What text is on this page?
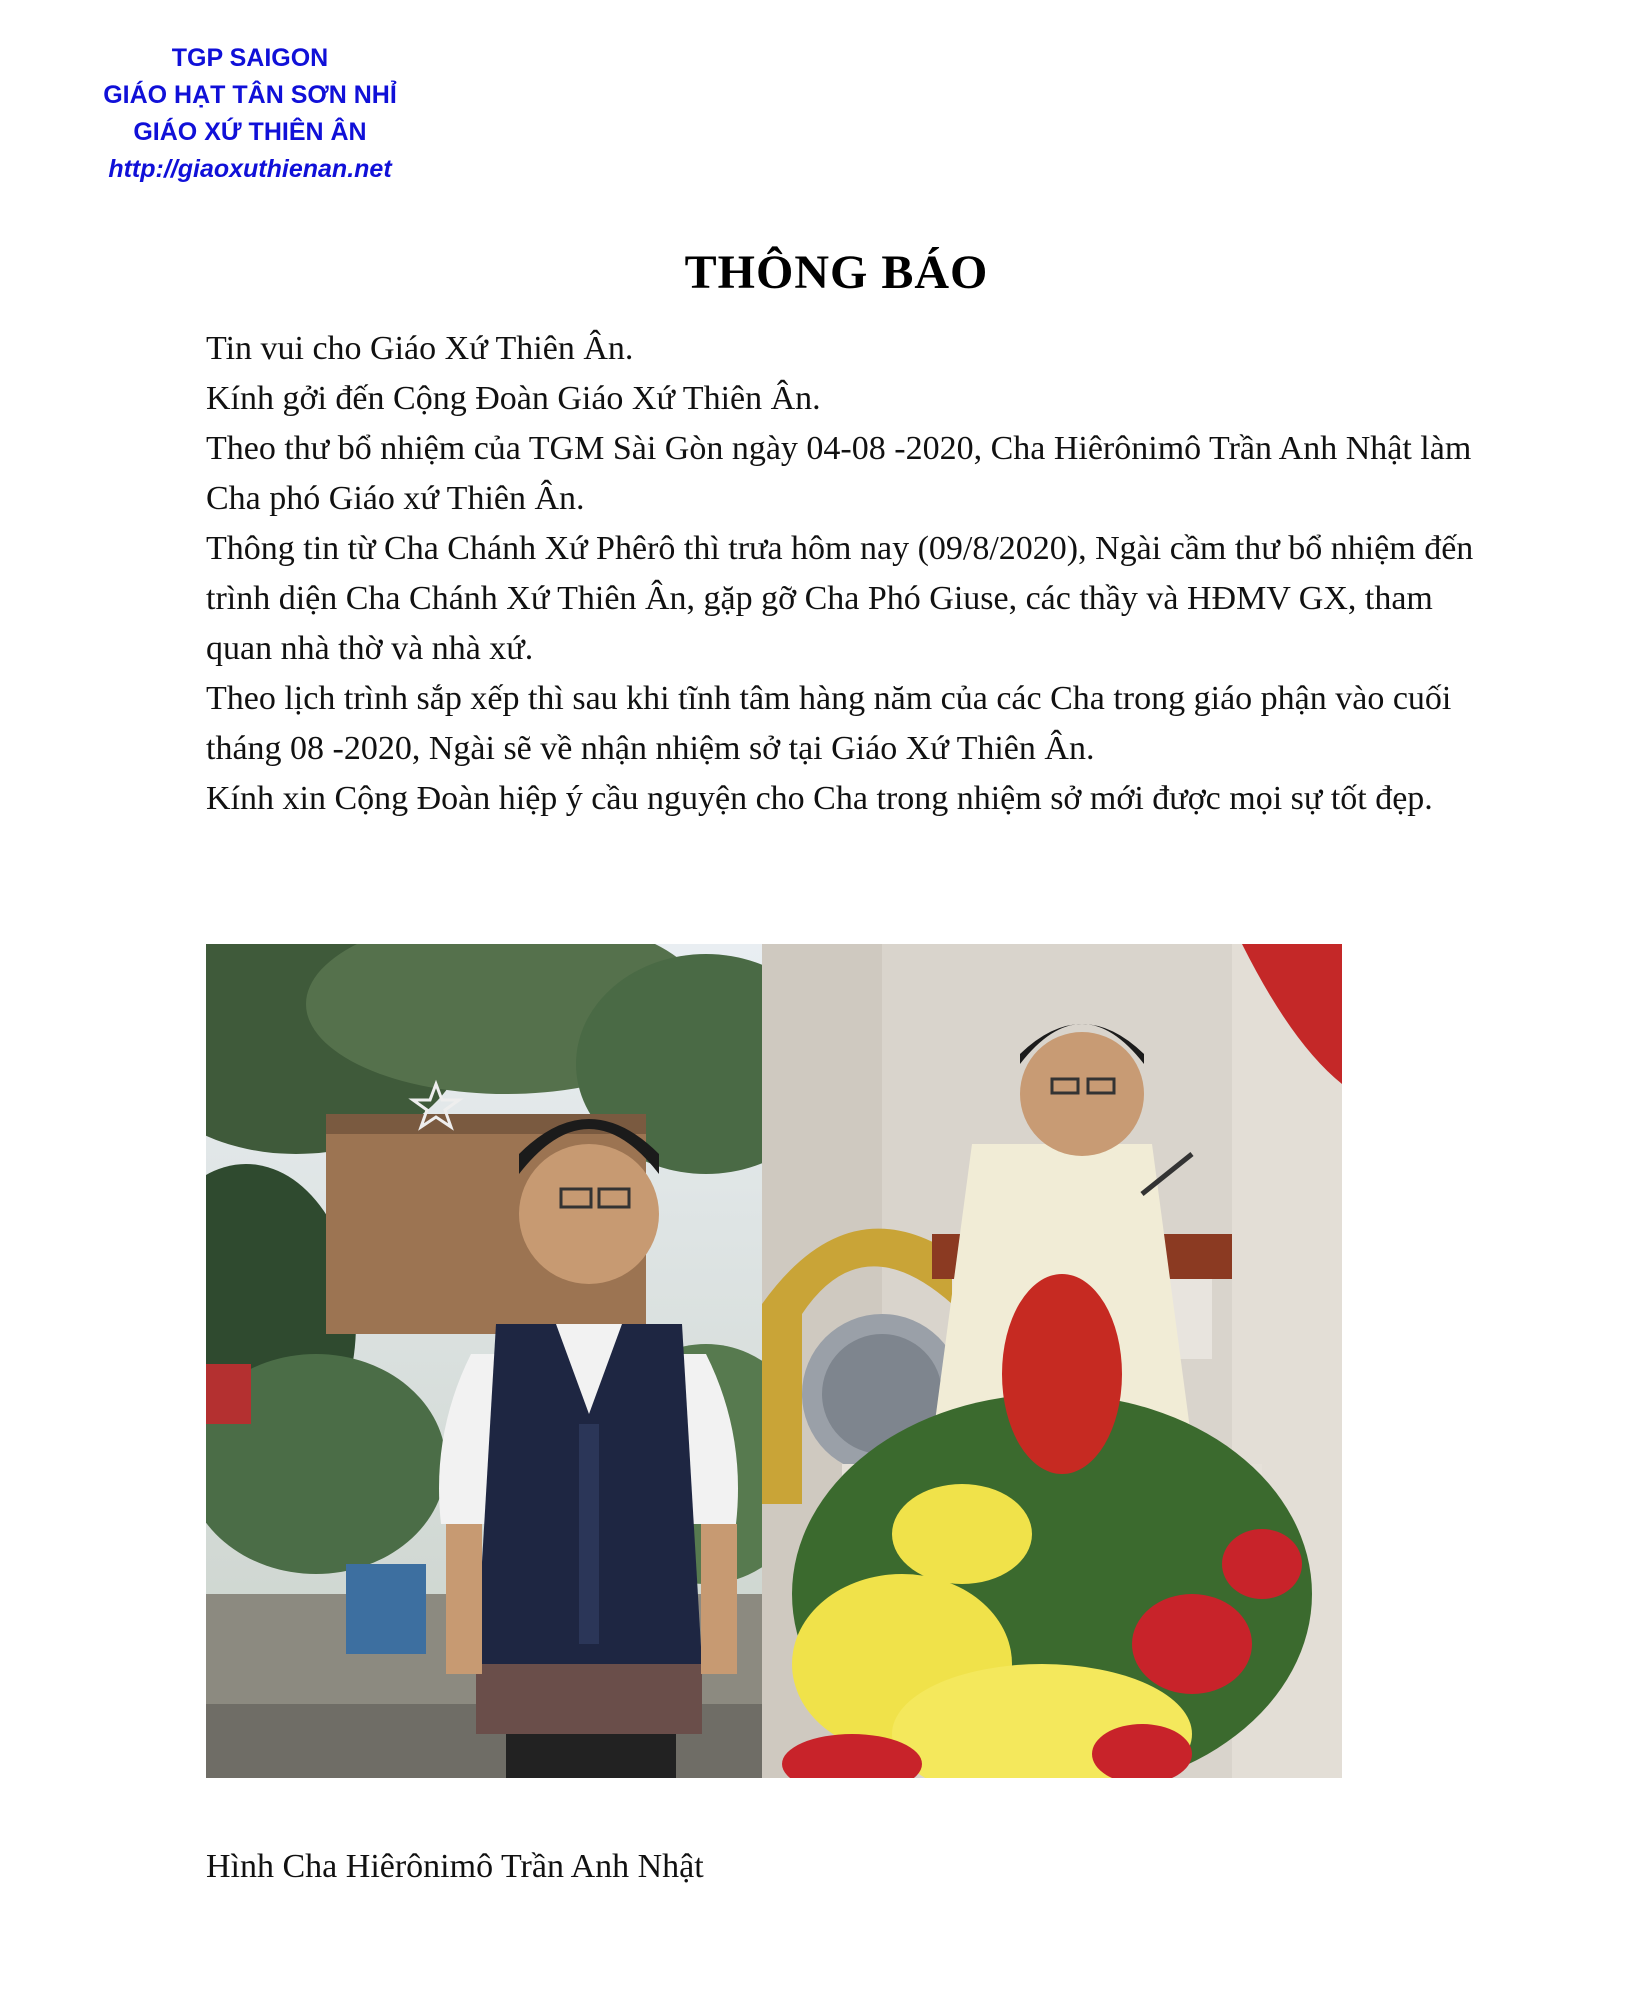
TGP SAIGON
GIÁO HẠT TÂN SƠN NHỈ
GIÁO XỨ THIÊN ÂN
http://giaoxuthienan.net
THÔNG BÁO

Tin vui cho Giáo Xứ Thiên Ân.

Kính gởi đến Cộng Đoàn Giáo Xứ Thiên Ân.

Theo thư bổ nhiệm của TGM Sài Gòn ngày 04-08 -2020, Cha Hiêrônimô Trần Anh Nhật làm Cha phó Giáo xứ Thiên Ân.

Thông tin từ Cha Chánh Xứ Phêrô thì trưa hôm nay (09/8/2020), Ngài cầm thư bổ nhiệm đến trình diện Cha Chánh Xứ Thiên Ân, gặp gỡ Cha Phó Giuse, các thầy và HĐMV GX, tham quan nhà thờ và nhà xứ.

Theo lịch trình sắp xếp thì sau khi tĩnh tâm hàng năm của các Cha trong giáo phận vào cuối tháng 08 -2020, Ngài sẽ về nhận nhiệm sở tại Giáo Xứ Thiên Ân.

Kính xin Cộng Đoàn hiệp ý cầu nguyện cho Cha trong nhiệm sở mới được mọi sự tốt đẹp.

Hình Cha Hiêrônimô Trần Anh Nhật
